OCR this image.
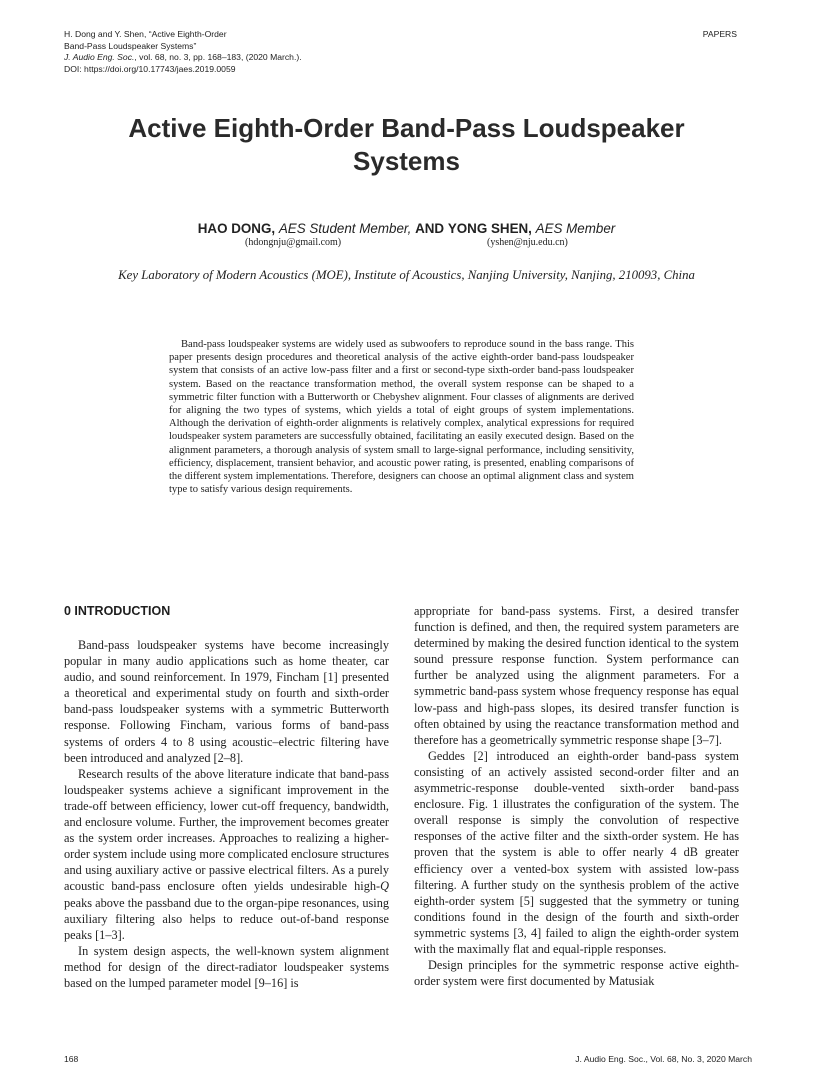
H. Dong and Y. Shen, “Active Eighth-Order
Band-Pass Loudspeaker Systems”
J. Audio Eng. Soc., vol. 68, no. 3, pp. 168–183, (2020 March.).
DOI: https://doi.org/10.17743/jaes.2019.0059
PAPERS
Active Eighth-Order Band-Pass Loudspeaker
Systems
HAO DONG, AES Student Member, AND YONG SHEN, AES Member
(hdongnju@gmail.com)	(yshen@nju.edu.cn)
Key Laboratory of Modern Acoustics (MOE), Institute of Acoustics, Nanjing University, Nanjing, 210093, China

Band-pass loudspeaker systems are widely used as subwoofers to reproduce sound in the bass range. This paper presents design procedures and theoretical analysis of the active eighth-order band-pass loudspeaker system that consists of an active low-pass filter and a first or second-type sixth-order band-pass loudspeaker system. Based on the reactance transformation method, the overall system response can be shaped to a symmetric filter function with a Butterworth or Chebyshev alignment. Four classes of alignments are derived for aligning the two types of systems, which yields a total of eight groups of system implementations. Although the derivation of eighth-order alignments is relatively complex, analytical expressions for required loudspeaker system parameters are successfully obtained, facilitating an easily executed design. Based on the alignment parameters, a thorough analysis of system small to large-signal performance, including sensitivity, efficiency, displacement, transient behavior, and acoustic power rating, is presented, enabling comparisons of the different system implementations. Therefore, designers can choose an optimal alignment class and system type to satisfy various design requirements.

0 INTRODUCTION

Band-pass loudspeaker systems have become increasingly popular in many audio applications such as home theater, car audio, and sound reinforcement. In 1979, Fincham [1] presented a theoretical and experimental study on fourth and sixth-order band-pass loudspeaker systems with a symmetric Butterworth response. Following Fincham, various forms of band-pass systems of orders 4 to 8 using acoustic–electric filtering have been introduced and analyzed [2–8].

Research results of the above literature indicate that band-pass loudspeaker systems achieve a significant improvement in the trade-off between efficiency, lower cut-off frequency, bandwidth, and enclosure volume. Further, the improvement becomes greater as the system order increases. Approaches to realizing a higher-order system include using more complicated enclosure structures and using auxiliary active or passive electrical filters. As a purely acoustic band-pass enclosure often yields undesirable high-Q peaks above the passband due to the organ-pipe resonances, using auxiliary filtering also helps to reduce out-of-band response peaks [1–3].

In system design aspects, the well-known system alignment method for design of the direct-radiator loudspeaker systems based on the lumped parameter model [9–16] is

appropriate for band-pass systems. First, a desired transfer function is defined, and then, the required system parameters are determined by making the desired function identical to the system sound pressure response function. System performance can further be analyzed using the alignment parameters. For a symmetric band-pass system whose frequency response has equal low-pass and high-pass slopes, its desired transfer function is often obtained by using the reactance transformation method and therefore has a geometrically symmetric response shape [3–7].

Geddes [2] introduced an eighth-order band-pass system consisting of an actively assisted second-order filter and an asymmetric-response double-vented sixth-order band-pass enclosure. Fig. 1 illustrates the configuration of the system. The overall response is simply the convolution of respective responses of the active filter and the sixth-order system. He has proven that the system is able to offer nearly 4 dB greater efficiency over a vented-box system with assisted low-pass filtering. A further study on the synthesis problem of the active eighth-order system [5] suggested that the symmetry or tuning conditions found in the design of the fourth and sixth-order symmetric systems [3, 4] failed to align the eighth-order system with the maximally flat and equal-ripple responses.

Design principles for the symmetric response active eighth-order system were first documented by Matusiak

168	J. Audio Eng. Soc., Vol. 68, No. 3, 2020 March
